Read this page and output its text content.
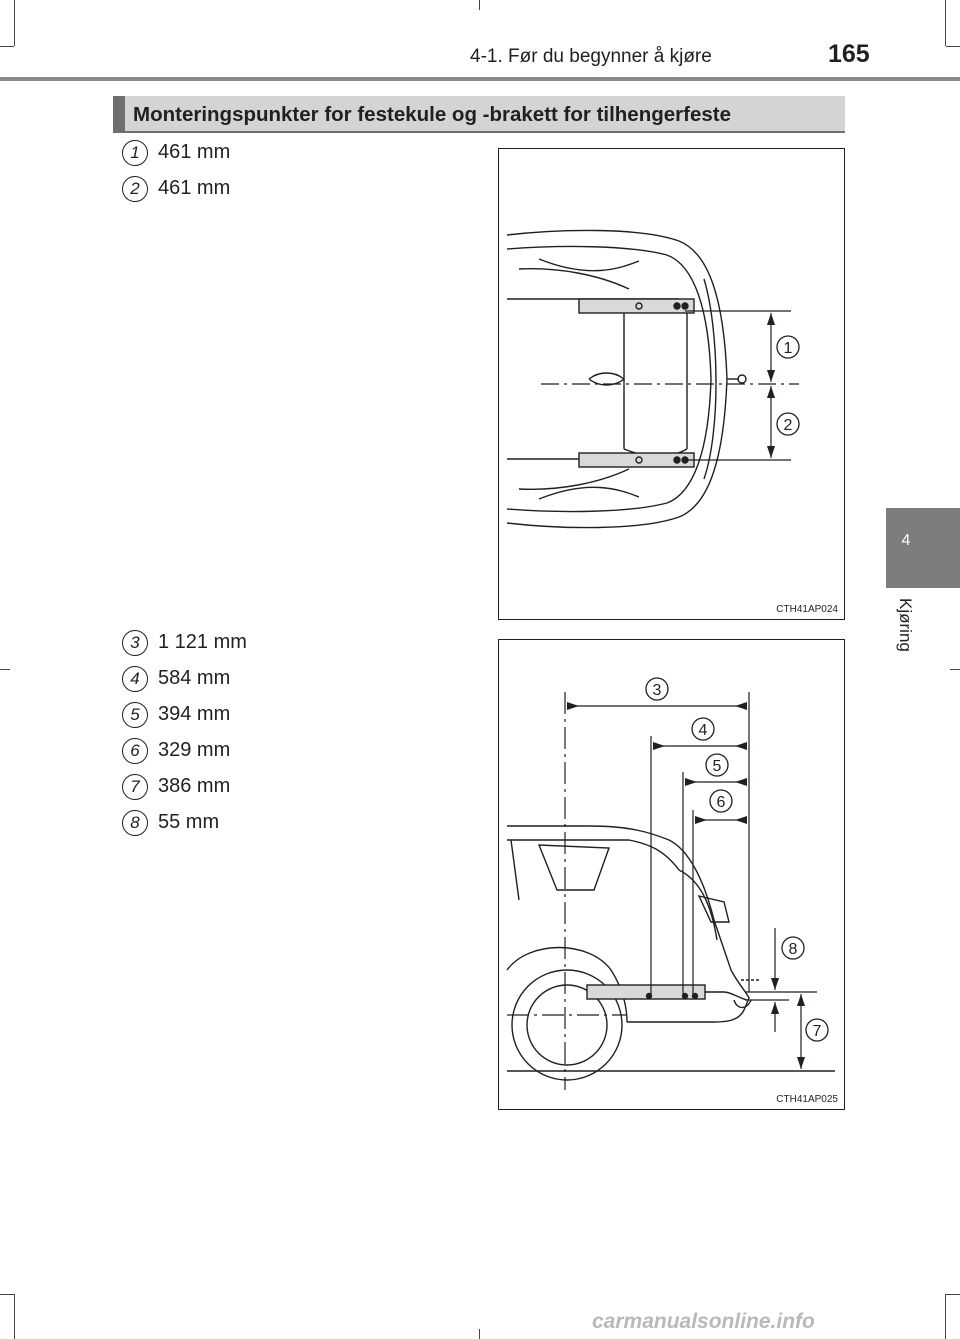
4-1. Før du begynner å kjøre	165
Monteringspunkter for festekule og -brakett for tilhengerfeste
1 461 mm
2 461 mm
3 1 121 mm
4 584 mm
5 394 mm
6 329 mm
7 386 mm
8 55 mm
1
2
CTH41AP024
3
4
5
6
7
8
CTH41AP025
4
Kjøring
carmanualsonline.info
